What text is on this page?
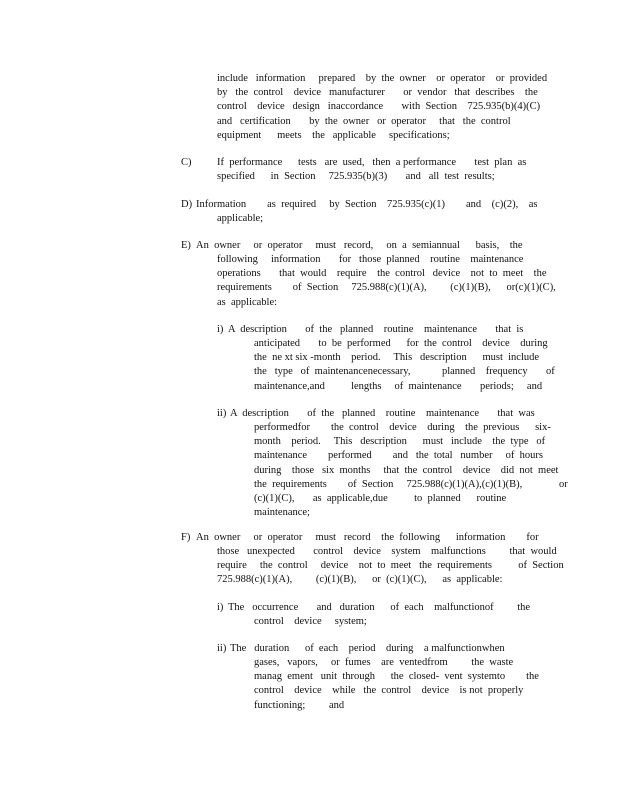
include   information     prepared    by  the  owner    or  operator    or  provided
by   the  control    device   manufacturer       or  vendor   that  describes    the
control    device   design   inaccordance       with  Section    725.935(b)(4)(C)
and   certification       by  the  owner   or  operator     that   the  control
equipment      meets    the   applicable     specifications;
C) If  performance      tests   are  used,   then  a performance       test  plan  as
specified      in  Section     725.935(b)(3)       and   all  test  results;
D) Information        as  required     by  Section    725.935(c)(1)        and    (c)(2),    as
applicable;
E) An  owner     or  operator     must   record,     on  a  semiannual      basis,    the
following     information       for   those  planned    routine    maintenance
operations       that  would    require    the  control   device    not  to  meet    the
requirements        of  Section     725.988(c)(1)(A),         (c)(1)(B),      or(c)(1)(C),
as  applicable:
i) A  description       of  the   planned    routine    maintenance       that  is
anticipated       to  be  performed      for  the  control    device    during
the  ne xt six -month    period.     This   description      must  include
the   type   of  maintenancenecessary,            planned    frequency       of
maintenance,and          lengths     of  maintenance       periods;     and
ii) A  description       of  the   planned    routine    maintenance       that  was
performedfor        the  control    device    during    the  previous      six-
month    period.     This   description      must   include    the  type   of
maintenance        performed        and   the  total   number     of  hours
during    those   six  months     that  the  control    device    did  not  meet
the  requirements        of  Section     725.988(c)(1)(A),(c)(1)(B),              or
(c)(1)(C),       as  applicable,due          to  planned      routine
maintenance;
F) An  owner     or  operator     must   record    the  following      information        for
those   unexpected       control    device    system    malfunctions         that  would
require     the  control     device    not  to  meet   the  requirements          of  Section
725.988(c)(1)(A),         (c)(1)(B),      or  (c)(1)(C),      as  applicable:
i) The   occurrence       and   duration      of  each    malfunctionof         the
control    device     system;
ii) The   duration      of  each    period    during    a malfunctionwhen
gases,   vapors,     or  fumes    are  ventedfrom         the  waste
manag  ement   unit  through      the  closed-  vent  systemto        the
control    device    while   the  control    device    is not  properly
functioning;         and
